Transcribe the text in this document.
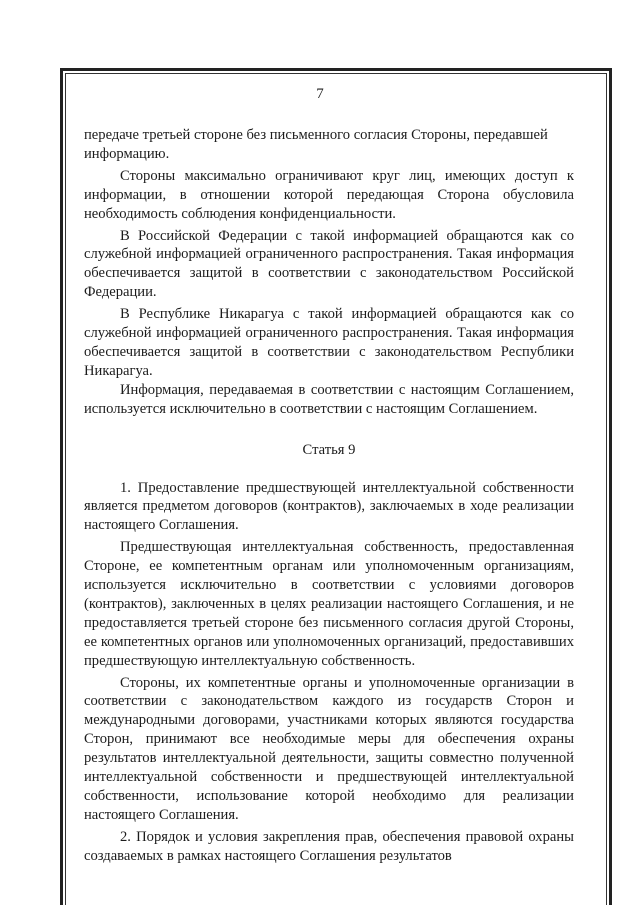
7

передаче третьей стороне без письменного согласия Стороны, передавшей информацию.

Стороны максимально ограничивают круг лиц, имеющих доступ к информации, в отношении которой передающая Сторона обусловила необходимость соблюдения конфиденциальности.

В Российской Федерации с такой информацией обращаются как со служебной информацией ограниченного распространения. Такая информация обеспечивается защитой в соответствии с законодательством Российской Федерации.

В Республике Никарагуа с такой информацией обращаются как со служебной информацией ограниченного распространения. Такая информация обеспечивается защитой в соответствии с законодательством Республики Никарагуа.

Информация, передаваемая в соответствии с настоящим Соглашением, используется исключительно в соответствии с настоящим Соглашением.

Статья 9

1. Предоставление предшествующей интеллектуальной собственности является предметом договоров (контрактов), заключаемых в ходе реализации настоящего Соглашения.

Предшествующая интеллектуальная собственность, предоставленная Стороне, ее компетентным органам или уполномоченным организациям, используется исключительно в соответствии с условиями договоров (контрактов), заключенных в целях реализации настоящего Соглашения, и не предоставляется третьей стороне без письменного согласия другой Стороны, ее компетентных органов или уполномоченных организаций, предоставивших предшествующую интеллектуальную собственность.

Стороны, их компетентные органы и уполномоченные организации в соответствии с законодательством каждого из государств Сторон и международными договорами, участниками которых являются государства Сторон, принимают все необходимые меры для обеспечения охраны результатов интеллектуальной деятельности, защиты совместно полученной интеллектуальной собственности и предшествующей интеллектуальной собственности, использование которой необходимо для реализации настоящего Соглашения.

2. Порядок и условия закрепления прав, обеспечения правовой охраны создаваемых в рамках настоящего Соглашения результатов
